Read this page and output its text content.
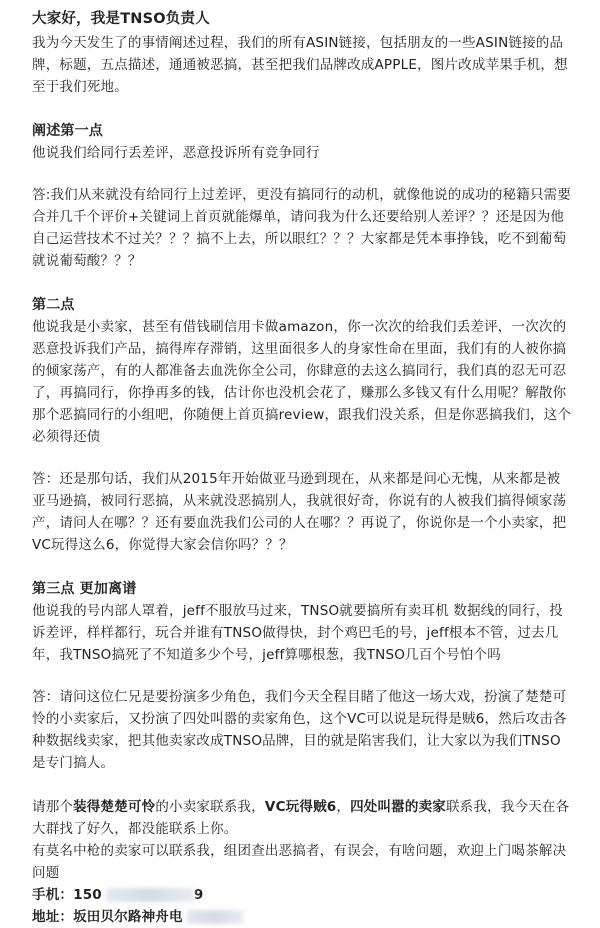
大家好，我是TNSO负责人

我为今天发生了的事情阐述过程，我们的所有ASIN链接，包括朋友的一些ASIN链接的品牌，标题，五点描述，通通被恶搞，甚至把我们品牌改成APPLE，图片改成苹果手机，想至于我们死地。

阐述第一点

他说我们给同行丢差评，恶意投诉所有竞争同行

答:我们从来就没有给同行上过差评，更没有搞同行的动机，就像他说的成功的秘籍只需要合并几千个评价+关键词上首页就能爆单，请问我为什么还要给别人差评？？还是因为他自己运营技术不过关？？？搞不上去，所以眼红？？？大家都是凭本事挣钱，吃不到葡萄就说葡萄酸？？？

第二点

他说我是小卖家，甚至有借钱刷信用卡做amazon，你一次次的给我们丢差评，一次次的恶意投诉我们产品，搞得库存滞销，这里面很多人的身家性命在里面，我们有的人被你搞的倾家荡产，有的人都准备去血洗你全公司，你肆意的去这么搞同行，我们真的忍无可忍了，再搞同行，你挣再多的钱，估计你也没机会花了，赚那么多钱又有什么用呢？解散你那个恶搞同行的小组吧，你随便上首页搞review，跟我们没关系，但是你恶搞我们，这个必须得还债

答：还是那句话，我们从2015年开始做亚马逊到现在，从来都是问心无愧，从来都是被亚马逊搞，被同行恶搞，从来就没恶搞别人，我就很好奇，你说有的人被我们搞得倾家荡产，请问人在哪？？还有要血洗我们公司的人在哪？？再说了，你说你是一个小卖家，把VC玩得这么6，你觉得大家会信你吗？？？

第三点 更加离谱

他说我的号内部人罩着，jeff不服放马过来，TNSO就要搞所有卖耳机 数据线的同行，投诉差评，样样都行，玩合并谁有TNSO做得快，封个鸡巴毛的号，jeff根本不管，过去几年，我TNSO搞死了不知道多少个号，jeff算哪根葱，我TNSO几百个号怕个吗

答：请问这位仁兄是要扮演多少角色，我们今天全程目睹了他这一场大戏，扮演了楚楚可怜的小卖家后，又扮演了四处叫嚣的卖家角色，这个VC可以说是玩得是贼6，然后攻击各种数据线卖家，把其他卖家改成TNSO品牌，目的就是陷害我们，让大家以为我们TNSO是专门搞人。

请那个装得楚楚可怜的小卖家联系我，VC玩得贼6，四处叫嚣的卖家联系我，我今天在各大群找了好久，都没能联系上你。

有莫名中枪的卖家可以联系我，组团查出恶搞者，有误会，有啥问题，欢迎上门喝茶解决问题

手机：150	9

地址：坂田贝尔路神舟电
